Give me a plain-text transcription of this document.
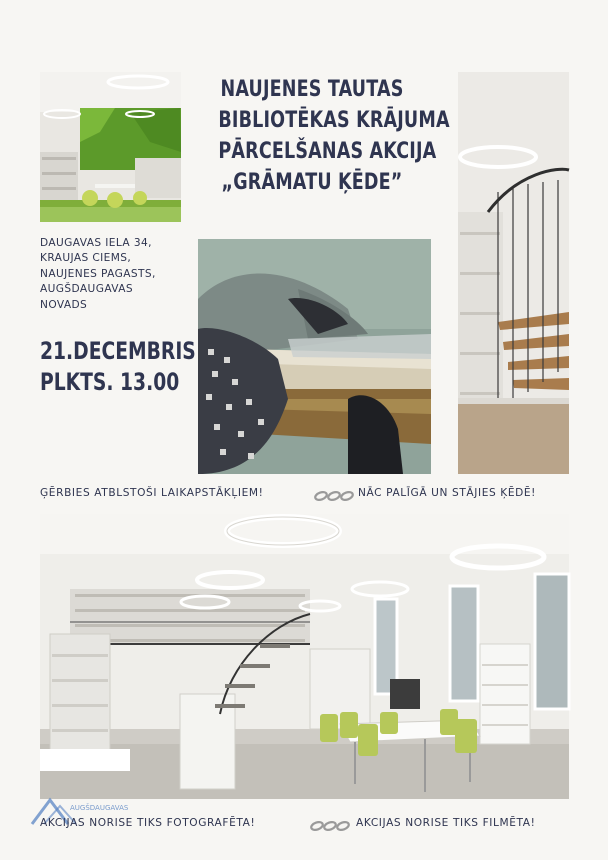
NAUJENES TAUTAS
BIBLIOTĒKAS KRĀJUMA
PĀRCELŠANAS AKCIJA
„GRĀMATU ĶĒDE”
DAUGAVAS IELA 34,
KRAUJAS CIEMS,
NAUJENES PAGASTS,
AUGŠDAUGAVAS
NOVADS
21.DECEMBRIS
PLKTS. 13.00
ĢĒRBIES ATBLSTOŠI LAIKAPSTĀKĻIEM!	NĀC PALĪGĀ UN STĀJIES ĶĒDĒ!
AUGŠDAUGAVAS
AKCIJAS NORISE TIKS FOTOGRAFĒTA!	AKCIJAS NORISE TIKS FILMĒTA!
